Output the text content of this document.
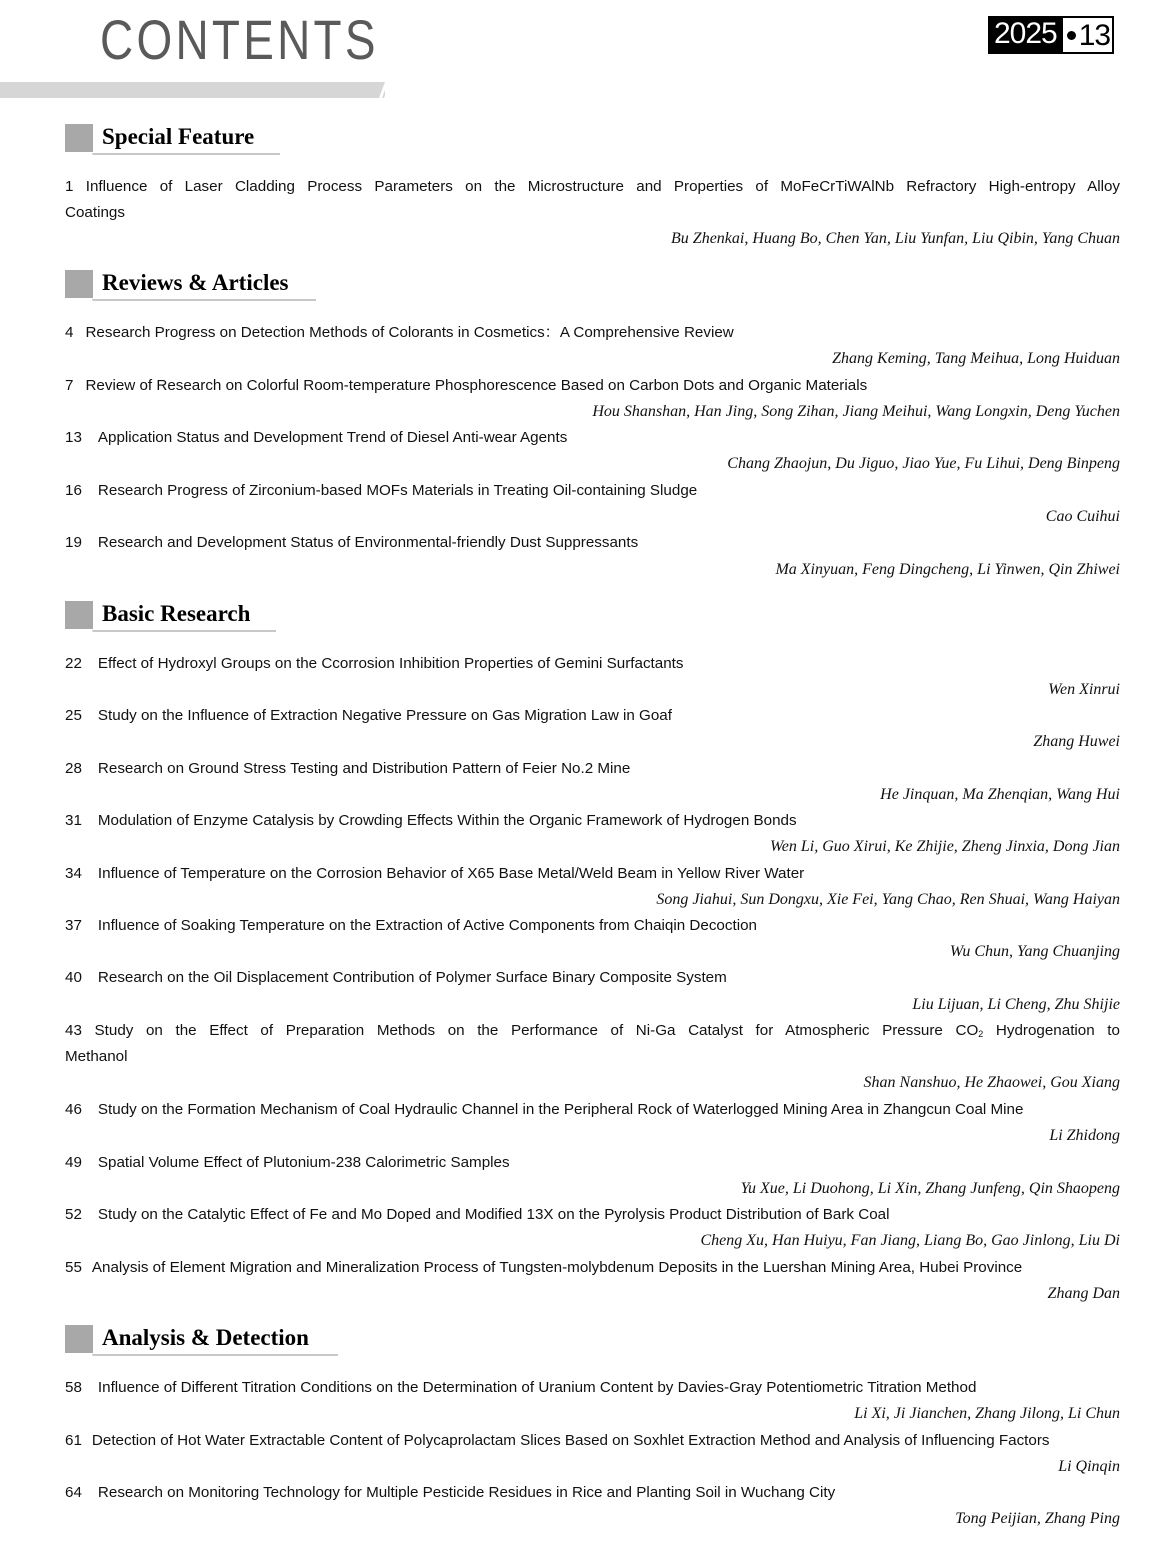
CONTENTS	2025 13
Special Feature
1 Influence of Laser Cladding Process Parameters on the Microstructure and Properties of MoFeCrTiWAlNb Refractory High-entropy Alloy
Coatings
Bu Zhenkai, Huang Bo, Chen Yan, Liu Yunfan, Liu Qibin, Yang Chuan
Reviews & Articles
4 Research Progress on Detection Methods of Colorants in Cosmetics：A Comprehensive Review
Zhang Keming, Tang Meihua, Long Huiduan
7 Review of Research on Colorful Room-temperature Phosphorescence Based on Carbon Dots and Organic Materials
Hou Shanshan, Han Jing, Song Zihan, Jiang Meihui, Wang Longxin, Deng Yuchen
13 Application Status and Development Trend of Diesel Anti-wear Agents
Chang Zhaojun, Du Jiguo, Jiao Yue, Fu Lihui, Deng Binpeng
16 Research Progress of Zirconium-based MOFs Materials in Treating Oil-containing Sludge
Cao Cuihui
19 Research and Development Status of Environmental-friendly Dust Suppressants
Ma Xinyuan, Feng Dingcheng, Li Yinwen, Qin Zhiwei
Basic Research
22 Effect of Hydroxyl Groups on the Ccorrosion Inhibition Properties of Gemini Surfactants
Wen Xinrui
25 Study on the Influence of Extraction Negative Pressure on Gas Migration Law in Goaf
Zhang Huwei
28 Research on Ground Stress Testing and Distribution Pattern of Feier No.2 Mine
He Jinquan, Ma Zhenqian, Wang Hui
31 Modulation of Enzyme Catalysis by Crowding Effects Within the Organic Framework of Hydrogen Bonds
Wen Li, Guo Xirui, Ke Zhijie, Zheng Jinxia, Dong Jian
34 Influence of Temperature on the Corrosion Behavior of X65 Base Metal/Weld Beam in Yellow River Water
Song Jiahui, Sun Dongxu, Xie Fei, Yang Chao, Ren Shuai, Wang Haiyan
37 Influence of Soaking Temperature on the Extraction of Active Components from Chaiqin Decoction
Wu Chun, Yang Chuanjing
40 Research on the Oil Displacement Contribution of Polymer Surface Binary Composite System
Liu Lijuan, Li Cheng, Zhu Shijie
43 Study on the Effect of Preparation Methods on the Performance of Ni-Ga Catalyst for Atmospheric Pressure $CO_2$ Hydrogenation to
Methanol
Shan Nanshuo, He Zhaowei, Gou Xiang
46 Study on the Formation Mechanism of Coal Hydraulic Channel in the Peripheral Rock of Waterlogged Mining Area in Zhangcun Coal Mine
Li Zhidong
49 Spatial Volume Effect of Plutonium-238 Calorimetric Samples
Yu Xue, Li Duohong, Li Xin, Zhang Junfeng, Qin Shaopeng
52 Study on the Catalytic Effect of Fe and Mo Doped and Modified 13X on the Pyrolysis Product Distribution of Bark Coal
Cheng Xu, Han Huiyu, Fan Jiang, Liang Bo, Gao Jinlong, Liu Di
55 Analysis of Element Migration and Mineralization Process of Tungsten-molybdenum Deposits in the Luershan Mining Area, Hubei Province
Zhang Dan
Analysis & Detection
58 Influence of Different Titration Conditions on the Determination of Uranium Content by Davies-Gray Potentiometric Titration Method
Li Xi, Ji Jianchen, Zhang Jilong, Li Chun
61 Detection of Hot Water Extractable Content of Polycaprolactam Slices Based on Soxhlet Extraction Method and Analysis of Influencing Factors
Li Qinqin
64 Research on Monitoring Technology for Multiple Pesticide Residues in Rice and Planting Soil in Wuchang City
Tong Peijian, Zhang Ping
